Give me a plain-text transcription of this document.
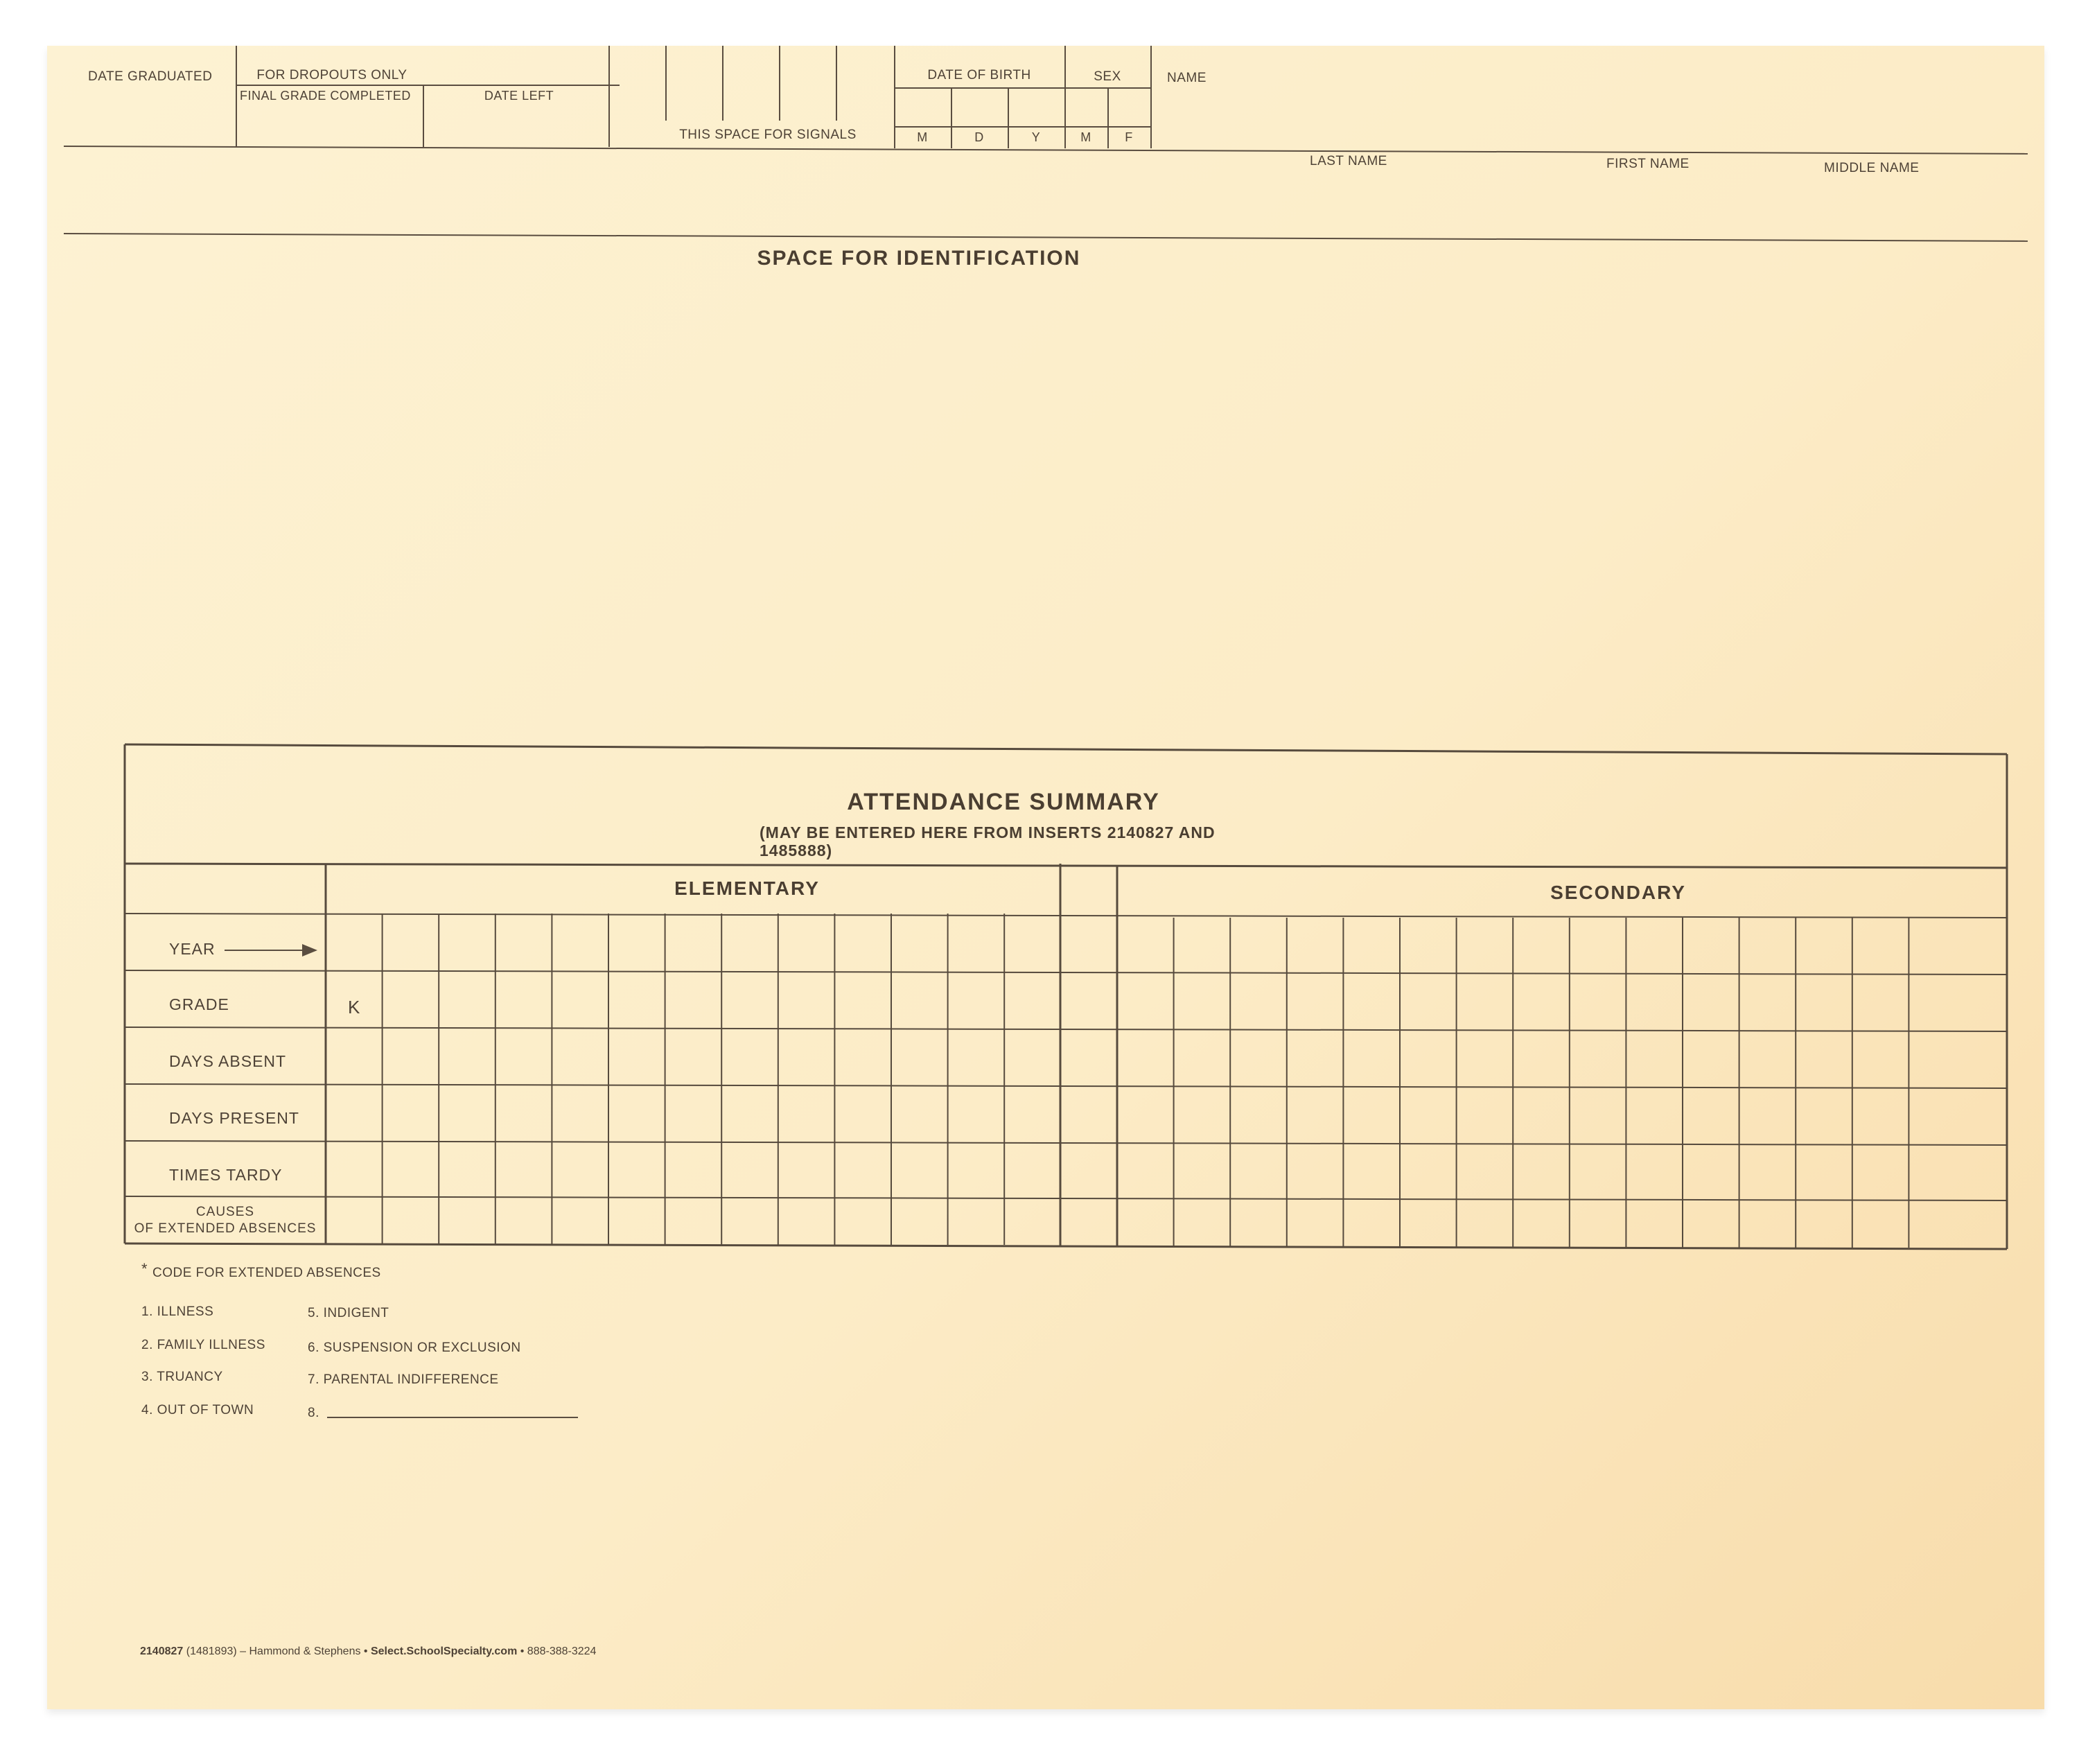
DATE GRADUATED	FOR DROPOUTS ONLY
FINAL GRADE COMPLETED	DATE LEFT
THIS SPACE FOR SIGNALS
DATE OF BIRTH	SEX
M	D	Y	M	F
NAME
LAST NAME	FIRST NAME	MIDDLE NAME
SPACE FOR IDENTIFICATION
ATTENDANCE SUMMARY
(MAY BE ENTERED HERE FROM INSERTS 2140827 AND
1485888)
ELEMENTARY	SECONDARY
YEAR
GRADE	K
DAYS ABSENT
DAYS PRESENT
TIMES TARDY
CAUSES
OF EXTENDED ABSENCES
* CODE FOR EXTENDED ABSENCES
1. ILLNESS
2. FAMILY ILLNESS
3. TRUANCY
4. OUT OF TOWN
5. INDIGENT
6. SUSPENSION OR EXCLUSION
7. PARENTAL INDIFFERENCE
8.
2140827 (1481893) – Hammond & Stephens • Select.SchoolSpecialty.com • 888-388-3224
